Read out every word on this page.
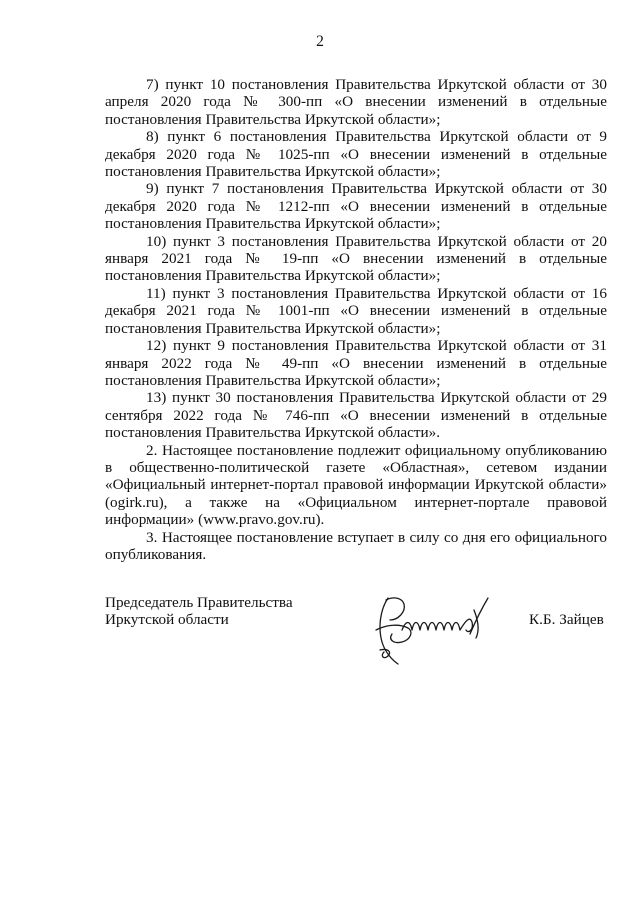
2

7) пункт 10 постановления Правительства Иркутской области от 30 апреля 2020 года № 300-пп «О внесении изменений в отдельные постановления Правительства Иркутской области»;

8) пункт 6 постановления Правительства Иркутской области от 9 декабря 2020 года № 1025-пп «О внесении изменений в отдельные постановления Правительства Иркутской области»;

9) пункт 7 постановления Правительства Иркутской области от 30 декабря 2020 года № 1212-пп «О внесении изменений в отдельные постановления Правительства Иркутской области»;

10) пункт 3 постановления Правительства Иркутской области от 20 января 2021 года № 19-пп «О внесении изменений в отдельные постановления Правительства Иркутской области»;

11) пункт 3 постановления Правительства Иркутской области от 16 декабря 2021 года № 1001-пп «О внесении изменений в отдельные постановления Правительства Иркутской области»;

12) пункт 9 постановления Правительства Иркутской области от 31 января 2022 года № 49-пп «О внесении изменений в отдельные постановления Правительства Иркутской области»;

13) пункт 30 постановления Правительства Иркутской области от 29 сентября 2022 года № 746-пп «О внесении изменений в отдельные постановления Правительства Иркутской области».

2. Настоящее постановление подлежит официальному опубликованию в общественно-политической газете «Областная», сетевом издании «Официальный интернет-портал правовой информации Иркутской области» (ogirk.ru), а также на «Официальном интернет-портале правовой информации» (www.pravo.gov.ru).

3. Настоящее постановление вступает в силу со дня его официального опубликования.

Председатель Правительства
Иркутской области	К.Б. Зайцев
